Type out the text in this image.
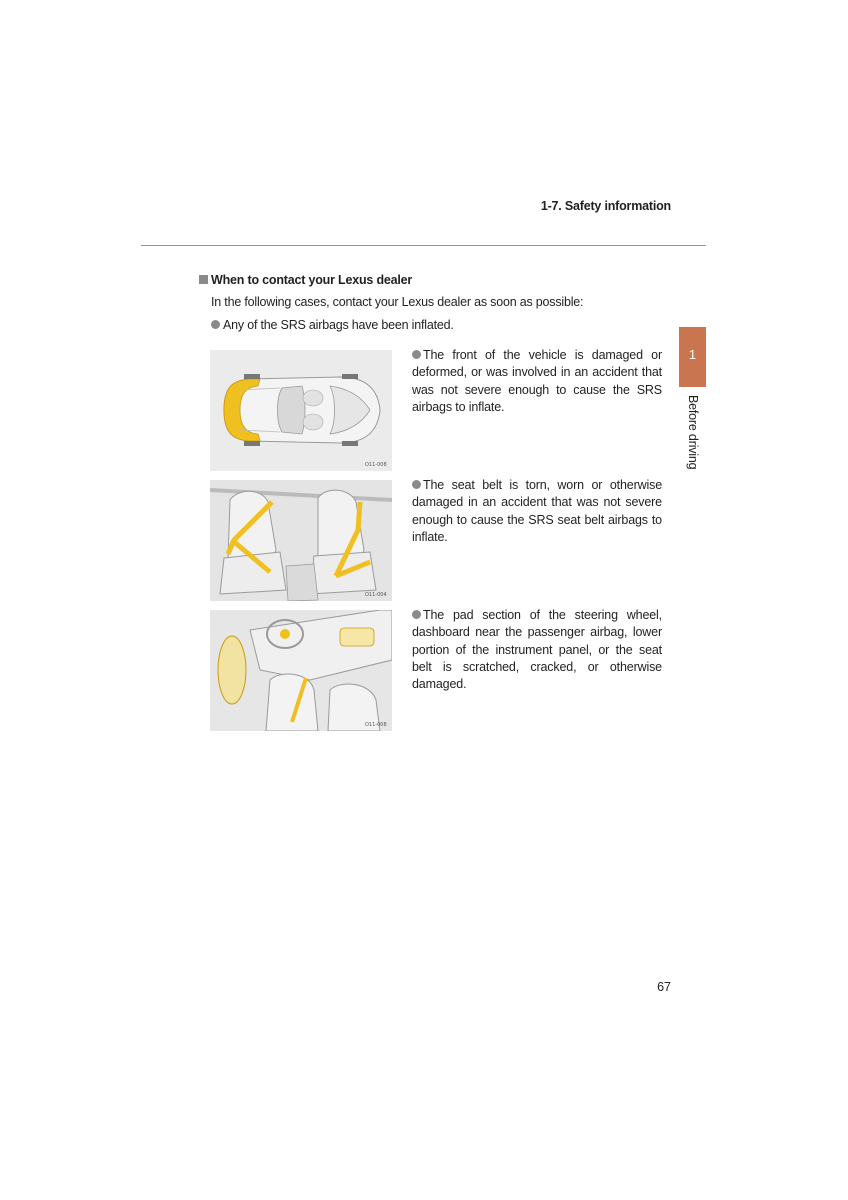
1-7. Safety information
When to contact your Lexus dealer
In the following cases, contact your Lexus dealer as soon as possible:
Any of the SRS airbags have been inflated.
O11-008
O11-004
O11-008
The front of the vehicle is damaged or deformed, or was involved in an accident that was not severe enough to cause the SRS airbags to inflate.
The seat belt is torn, worn or otherwise damaged in an accident that was not severe enough to cause the SRS seat belt airbags to inflate.
The pad section of the steering wheel, dashboard near the passenger airbag, lower portion of the instrument panel, or the seat belt is scratched, cracked, or otherwise damaged.
1
Before driving
67
